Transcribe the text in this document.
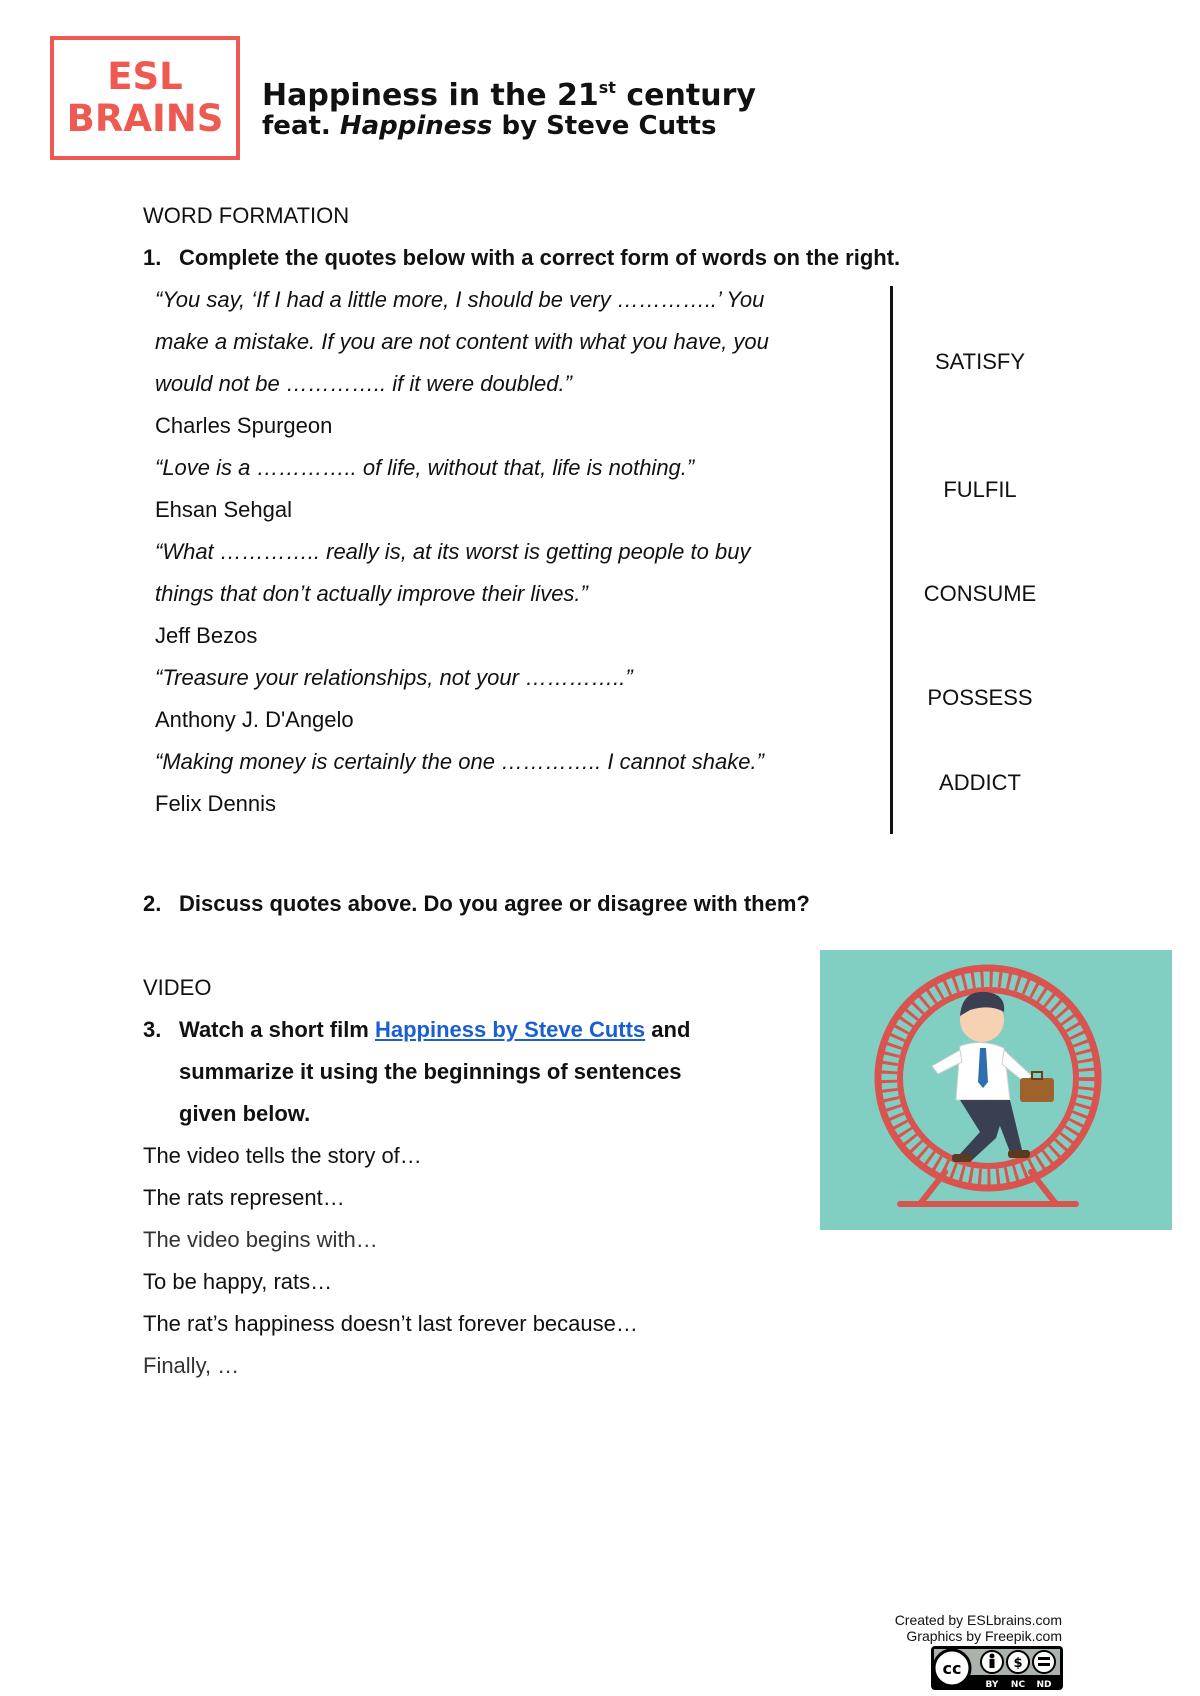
ESL
BRAINS
Happiness in the 21st century
feat. Happiness by Steve Cutts
WORD FORMATION
1. Complete the quotes below with a correct form of words on the right.
“You say, ‘If I had a little more, I should be very …………..’ You
make a mistake. If you are not content with what you have, you
would not be ………….. if it were doubled.”
Charles Spurgeon
“Love is a ………….. of life, without that, life is nothing.”
Ehsan Sehgal
“What ………….. really is, at its worst is getting people to buy
things that don’t actually improve their lives.”
Jeff Bezos
“Treasure your relationships, not your …………..”
Anthony J. D'Angelo
“Making money is certainly the one ………….. I cannot shake.”
Felix Dennis
SATISFY
FULFIL
CONSUME
POSSESS
ADDICT
2. Discuss quotes above. Do you agree or disagree with them?
VIDEO
3. Watch a short film Happiness by Steve Cutts and
summarize it using the beginnings of sentences
given below.
The video tells the story of…
The rats represent…
The video begins with…
To be happy, rats…
The rat’s happiness doesn’t last forever because…
Finally, …
Created by ESLbrains.com
Graphics by Freepik.com
cc	$
BY NC ND
